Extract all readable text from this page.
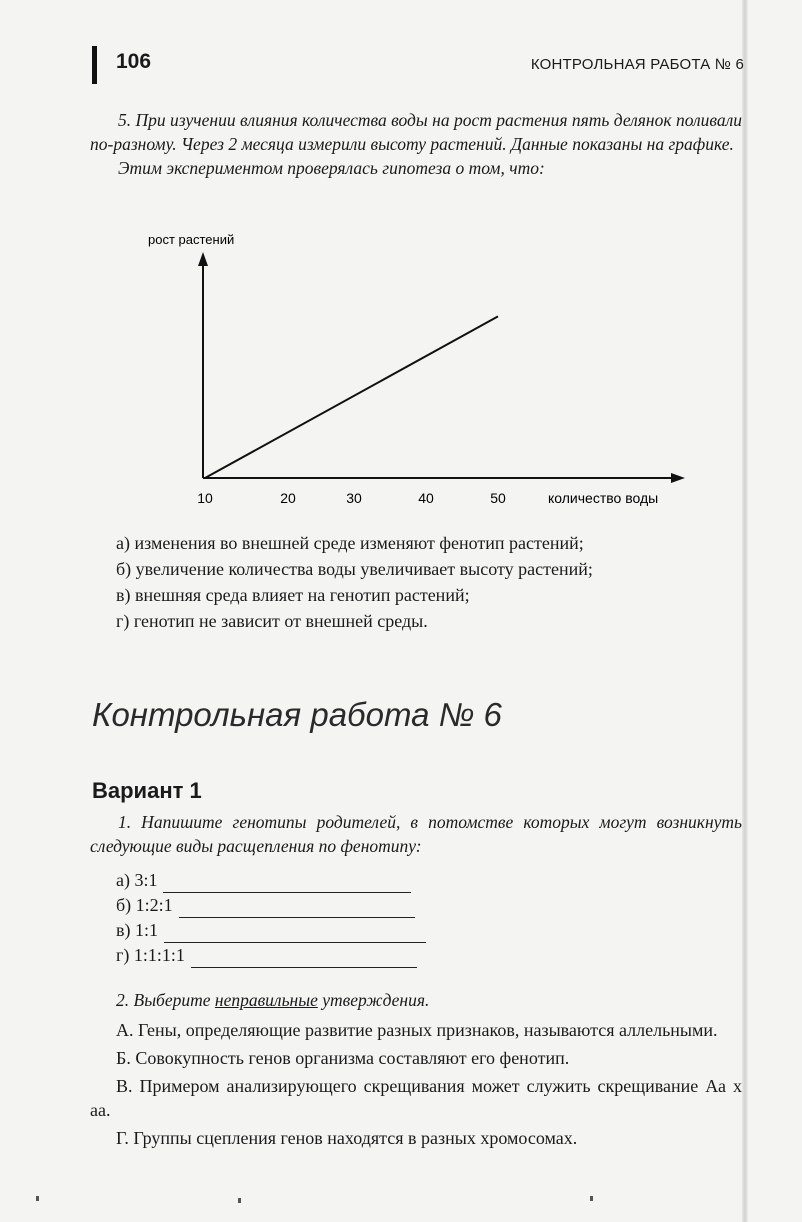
106	КОНТРОЛЬНАЯ РАБОТА № 6

5. При изучении влияния количества воды на рост растения пять делянок поливали по-разному. Через 2 месяца измерили высоту растений. Данные показаны на графике.

Этим экспериментом проверялась гипотеза о том, что:

рост растений
10	20	30	40	50	количество воды
а) изменения во внешней среде изменяют фенотип растений;
б) увеличение количества воды увеличивает высоту растений;
в) внешняя среда влияет на генотип растений;
г) генотип не зависит от внешней среды.
Контрольная работа № 6
Вариант 1

1. Напишите генотипы родителей, в потомстве которых могут возникнуть следующие виды расщепления по фенотипу:

а) 3:1
б) 1:2:1
в) 1:1
г) 1:1:1:1
2. Выберите неправильные утверждения.

А. Гены, определяющие развитие разных признаков, называются аллельными.

Б. Совокупность генов организма составляют его фенотип.

В. Примером анализирующего скрещивания может служить скрещивание Аа х аа.

Г. Группы сцепления генов находятся в разных хромосомах.
